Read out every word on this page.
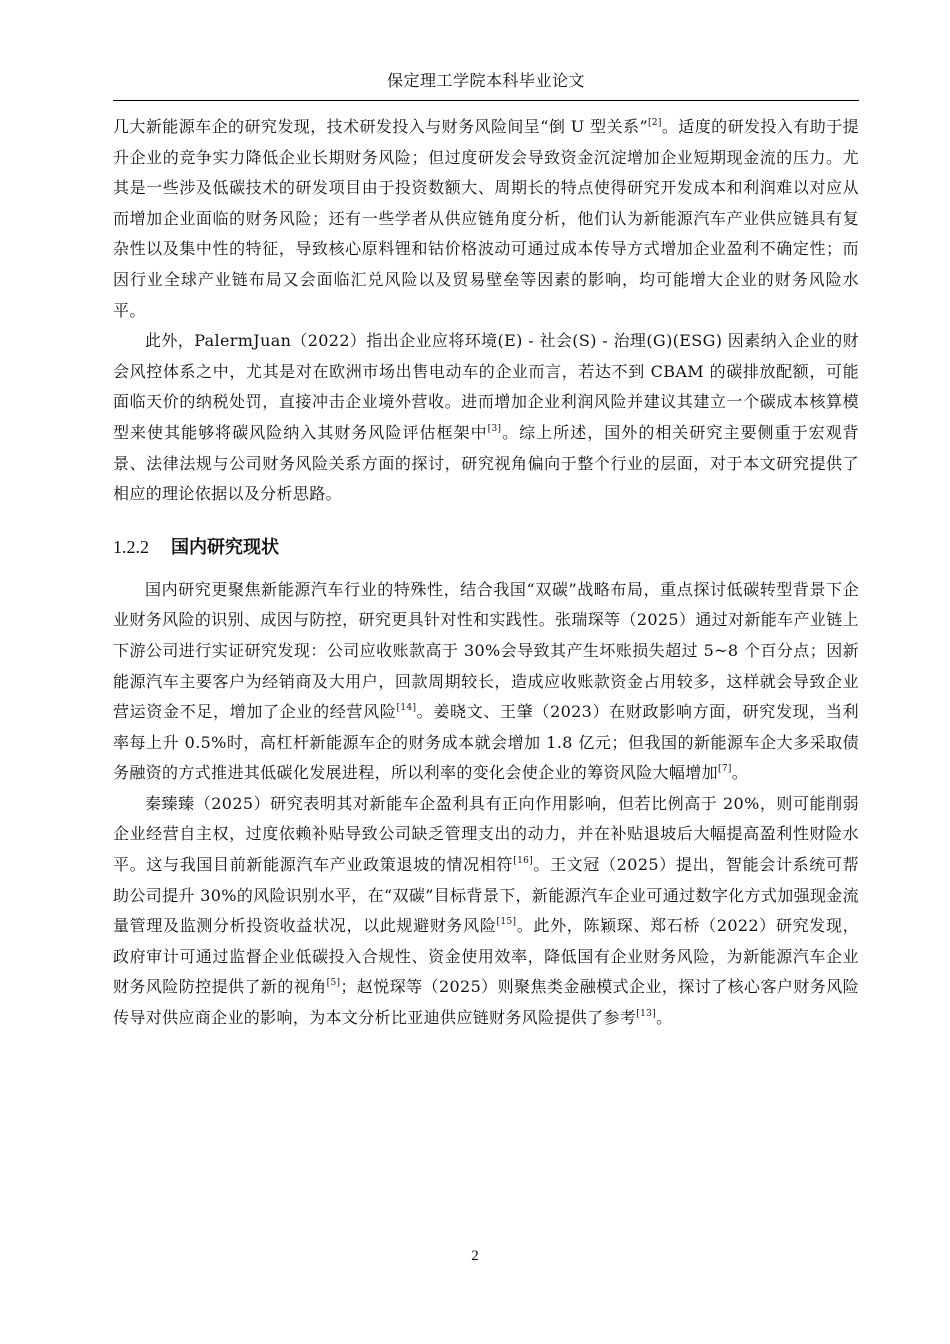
保定理工学院本科毕业论文

几大新能源车企的研究发现，技术研发投入与财务风险间呈“倒 U 型关系”[2]。适度的研发投入有助于提升企业的竞争实力降低企业长期财务风险；但过度研发会导致资金沉淀增加企业短期现金流的压力。尤其是一些涉及低碳技术的研发项目由于投资数额大、周期长的特点使得研究开发成本和利润难以对应从而增加企业面临的财务风险；还有一些学者从供应链角度分析，他们认为新能源汽车产业供应链具有复杂性以及集中性的特征，导致核心原料锂和钴价格波动可通过成本传导方式增加企业盈利不确定性；而因行业全球产业链布局又会面临汇兑风险以及贸易壁垒等因素的影响，均可能增大企业的财务风险水平。

此外，PalermJuan（2022）指出企业应将环境(E) - 社会(S) - 治理(G)(ESG) 因素纳入企业的财会风控体系之中，尤其是对在欧洲市场出售电动车的企业而言，若达不到 CBAM 的碳排放配额，可能面临天价的纳税处罚，直接冲击企业境外营收。进而增加企业利润风险并建议其建立一个碳成本核算模型来使其能够将碳风险纳入其财务风险评估框架中[3]。综上所述，国外的相关研究主要侧重于宏观背景、法律法规与公司财务风险关系方面的探讨，研究视角偏向于整个行业的层面，对于本文研究提供了相应的理论依据以及分析思路。

1.2.2 国内研究现状

国内研究更聚焦新能源汽车行业的特殊性，结合我国“双碳”战略布局，重点探讨低碳转型背景下企业财务风险的识别、成因与防控，研究更具针对性和实践性。张瑞琛等（2025）通过对新能车产业链上下游公司进行实证研究发现：公司应收账款高于 30%会导致其产生坏账损失超过 5~8 个百分点；因新能源汽车主要客户为经销商及大用户，回款周期较长，造成应收账款资金占用较多，这样就会导致企业营运资金不足，增加了企业的经营风险[14]。姜晓文、王肇（2023）在财政影响方面，研究发现，当利率每上升 0.5%时，高杠杆新能源车企的财务成本就会增加 1.8 亿元；但我国的新能源车企大多采取债务融资的方式推进其低碳化发展进程，所以利率的变化会使企业的筹资风险大幅增加[7]。

秦臻臻（2025）研究表明其对新能车企盈利具有正向作用影响，但若比例高于 20%，则可能削弱企业经营自主权，过度依赖补贴导致公司缺乏管理支出的动力，并在补贴退坡后大幅提高盈利性财险水平。这与我国目前新能源汽车产业政策退坡的情况相符[16]。王文冠（2025）提出，智能会计系统可帮助公司提升 30%的风险识别水平，在“双碳”目标背景下，新能源汽车企业可通过数字化方式加强现金流量管理及监测分析投资收益状况，以此规避财务风险[15]。此外，陈颖琛、郑石桥（2022）研究发现，政府审计可通过监督企业低碳投入合规性、资金使用效率，降低国有企业财务风险，为新能源汽车企业财务风险防控提供了新的视角[5]；赵悦琛等（2025）则聚焦类金融模式企业，探讨了核心客户财务风险传导对供应商企业的影响，为本文分析比亚迪供应链财务风险提供了参考[13]。

2
